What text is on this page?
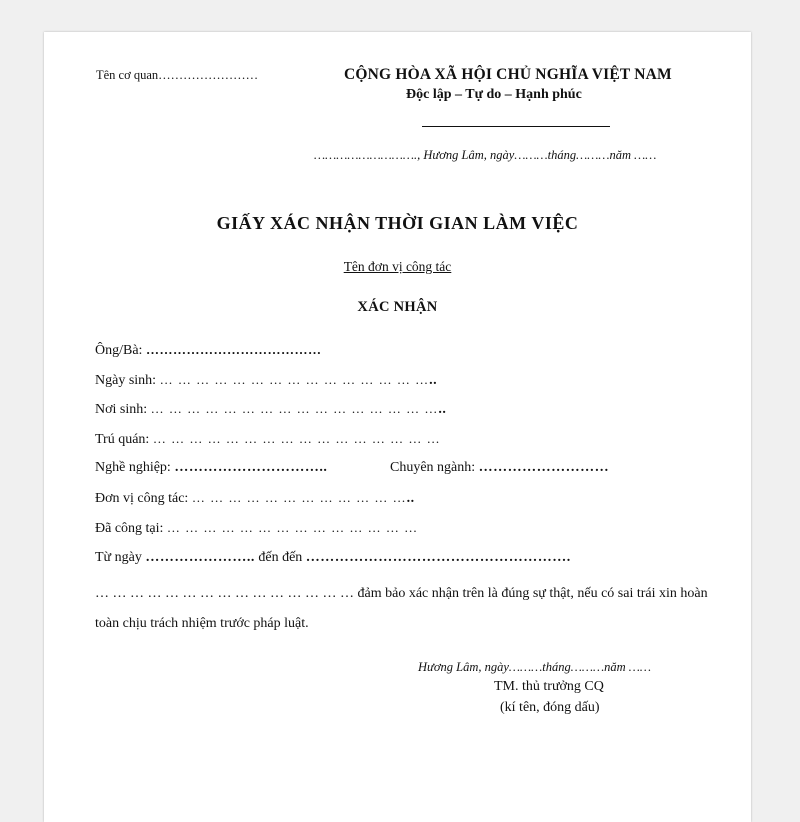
Tên cơ quan……………………	CỘNG HÒA XÃ HỘI CHỦ NGHĨA VIỆT NAM
Độc lập – Tự do – Hạnh phúc
………………………., Hương Lâm, ngày………tháng………năm ……
GIẤY XÁC NHẬN THỜI GIAN LÀM VIỆC
Tên đơn vị công tác
XÁC NHẬN
Ông/Bà: …………………………………
Ngày sinh: … … … … … … … … … … … … … … …..
Nơi sinh: … … … … … … … … … … … … … … … …..
Trú quán: … … … … … … … … … … … … … … … …
Nghề nghiệp: …………………………..	Chuyên ngành: ………………………
Đơn vị công tác: … … … … … … … … … … … …..
Đã công tại: … … … … … … … … … … … … … …
Từ ngày ………………….. đến đến ……………………………………………….
… … … … … … … … … … … … … … … đảm bảo xác nhận trên là đúng sự thật, nếu có sai trái xin hoàn toàn chịu trách nhiệm trước pháp luật.
Hương Lâm, ngày………tháng………năm ……
TM. thủ trưởng CQ
(kí tên, đóng dấu)
